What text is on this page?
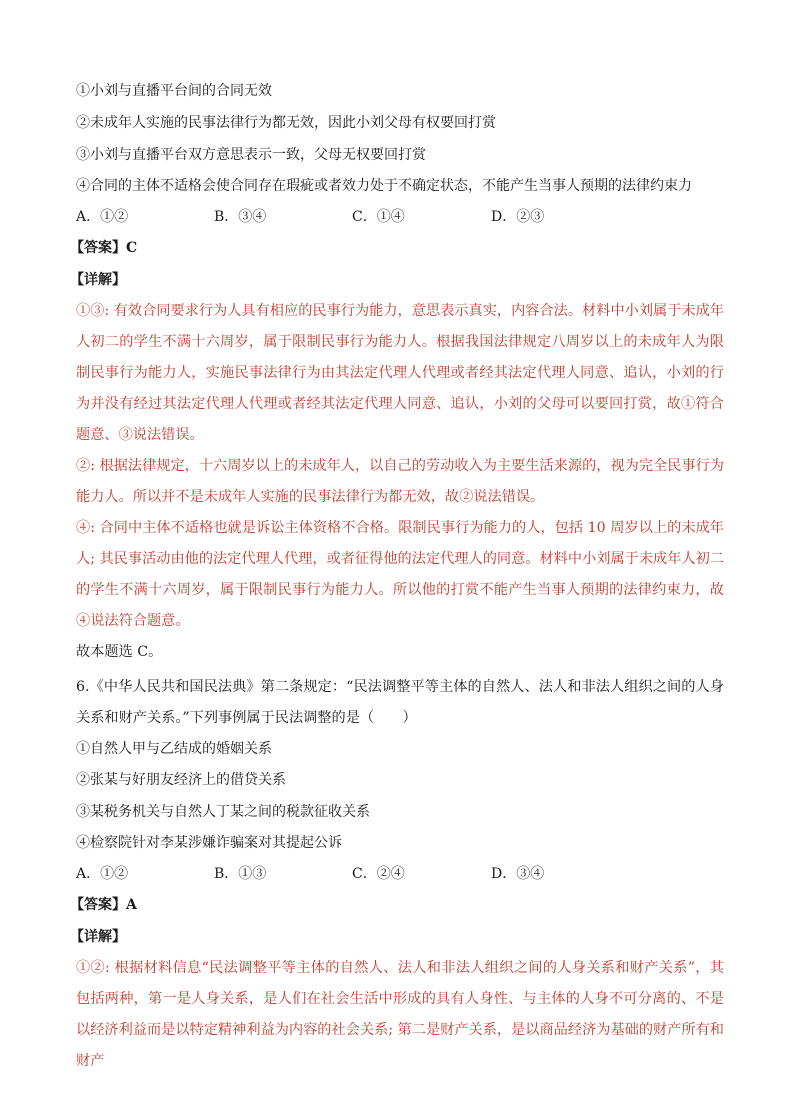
①小刘与直播平台间的合同无效
②未成年人实施的民事法律行为都无效，因此小刘父母有权要回打赏
③小刘与直播平台双方意思表示一致，父母无权要回打赏
④合同的主体不适格会使合同存在瑕疵或者效力处于不确定状态，不能产生当事人预期的法律约束力
A．①②	B．③④	C．①④	D．②③
【答案】C
【详解】

①③: 有效合同要求行为人具有相应的民事行为能力，意思表示真实，内容合法。材料中小刘属于未成年人初二的学生不满十六周岁，属于限制民事行为能力人。根据我国法律规定八周岁以上的未成年人为限制民事行为能力人，实施民事法律行为由其法定代理人代理或者经其法定代理人同意、追认，小刘的行为并没有经过其法定代理人代理或者经其法定代理人同意、追认，小刘的父母可以要回打赏，故①符合题意、③说法错误。

②: 根据法律规定，十六周岁以上的未成年人，以自己的劳动收入为主要生活来源的，视为完全民事行为能力人。所以并不是未成年人实施的民事法律行为都无效，故②说法错误。

④: 合同中主体不适格也就是诉讼主体资格不合格。限制民事行为能力的人，包括 10 周岁以上的未成年人; 其民事活动由他的法定代理人代理，或者征得他的法定代理人的同意。材料中小刘属于未成年人初二的学生不满十六周岁，属于限制民事行为能力人。所以他的打赏不能产生当事人预期的法律约束力，故④说法符合题意。

故本题选 C。

6.《中华人民共和国民法典》第二条规定：“民法调整平等主体的自然人、法人和非法人组织之间的人身关系和财产关系。”下列事例属于民法调整的是（　　）
①自然人甲与乙结成的婚姻关系
②张某与好朋友经济上的借贷关系
③某税务机关与自然人丁某之间的税款征收关系
④检察院针对李某涉嫌诈骗案对其提起公诉
A．①②	B．①③	C．②④	D．③④
【答案】A
【详解】
①②: 根据材料信息“民法调整平等主体的自然人、法人和非法人组织之间的人身关系和财产关系”，其包括两种，第一是人身关系，是人们在社会生活中形成的具有人身性、与主体的人身不可分离的、不是以经济利益而是以特定精神利益为内容的社会关系; 第二是财产关系，是以商品经济为基础的财产所有和财产
